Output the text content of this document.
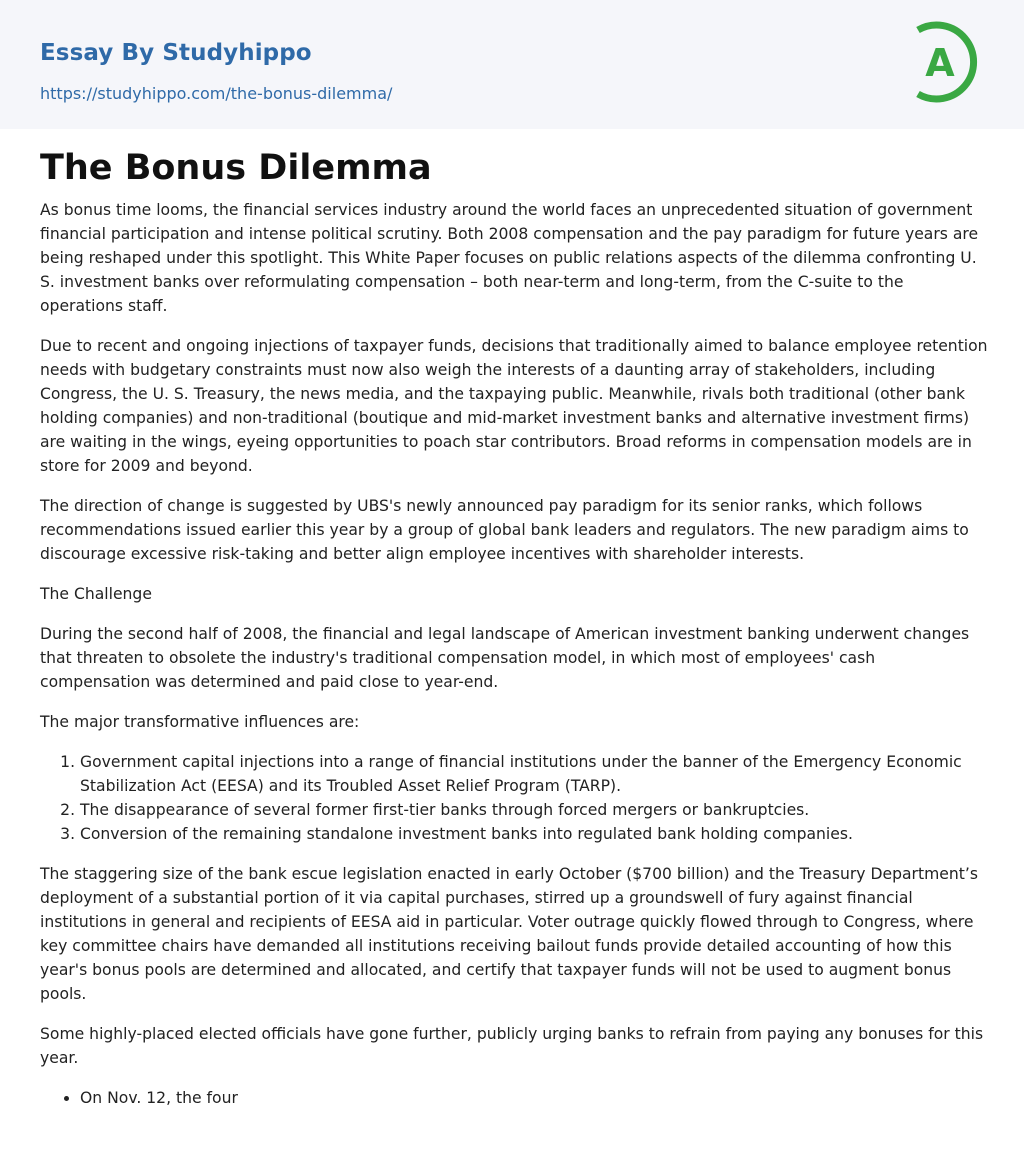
Essay By Studyhippo
https://studyhippo.com/the-bonus-dilemma/
A
The Bonus Dilemma

As bonus time looms, the financial services industry around the world faces an unprecedented situation of government financial participation and intense political scrutiny. Both 2008 compensation and the pay paradigm for future years are being reshaped under this spotlight. This White Paper focuses on public relations aspects of the dilemma confronting U. S. investment banks over reformulating compensation – both near-term and long-term, from the C-suite to the operations staff.

Due to recent and ongoing injections of taxpayer funds, decisions that traditionally aimed to balance employee retention needs with budgetary constraints must now also weigh the interests of a daunting array of stakeholders, including Congress, the U. S. Treasury, the news media, and the taxpaying public. Meanwhile, rivals both traditional (other bank holding companies) and non-traditional (boutique and mid-market investment banks and alternative investment firms) are waiting in the wings, eyeing opportunities to poach star contributors. Broad reforms in compensation models are in store for 2009 and beyond.

The direction of change is suggested by UBS's newly announced pay paradigm for its senior ranks, which follows recommendations issued earlier this year by a group of global bank leaders and regulators. The new paradigm aims to discourage excessive risk-taking and better align employee incentives with shareholder interests.

The Challenge

During the second half of 2008, the financial and legal landscape of American investment banking underwent changes that threaten to obsolete the industry's traditional compensation model, in which most of employees' cash compensation was determined and paid close to year-end.

The major transformative influences are:

1. Government capital injections into a range of financial institutions under the banner of the Emergency Economic Stabilization Act (EESA) and its Troubled Asset Relief Program (TARP).
2. The disappearance of several former first-tier banks through forced mergers or bankruptcies.
3. Conversion of the remaining standalone investment banks into regulated bank holding companies.

The staggering size of the bank escue legislation enacted in early October ($700 billion) and the Treasury Department’s deployment of a substantial portion of it via capital purchases, stirred up a groundswell of fury against financial institutions in general and recipients of EESA aid in particular. Voter outrage quickly flowed through to Congress, where key committee chairs have demanded all institutions receiving bailout funds provide detailed accounting of how this year's bonus pools are determined and allocated, and certify that taxpayer funds will not be used to augment bonus pools.

Some highly-placed elected officials have gone further, publicly urging banks to refrain from paying any bonuses for this year.

• On Nov. 12, the four
